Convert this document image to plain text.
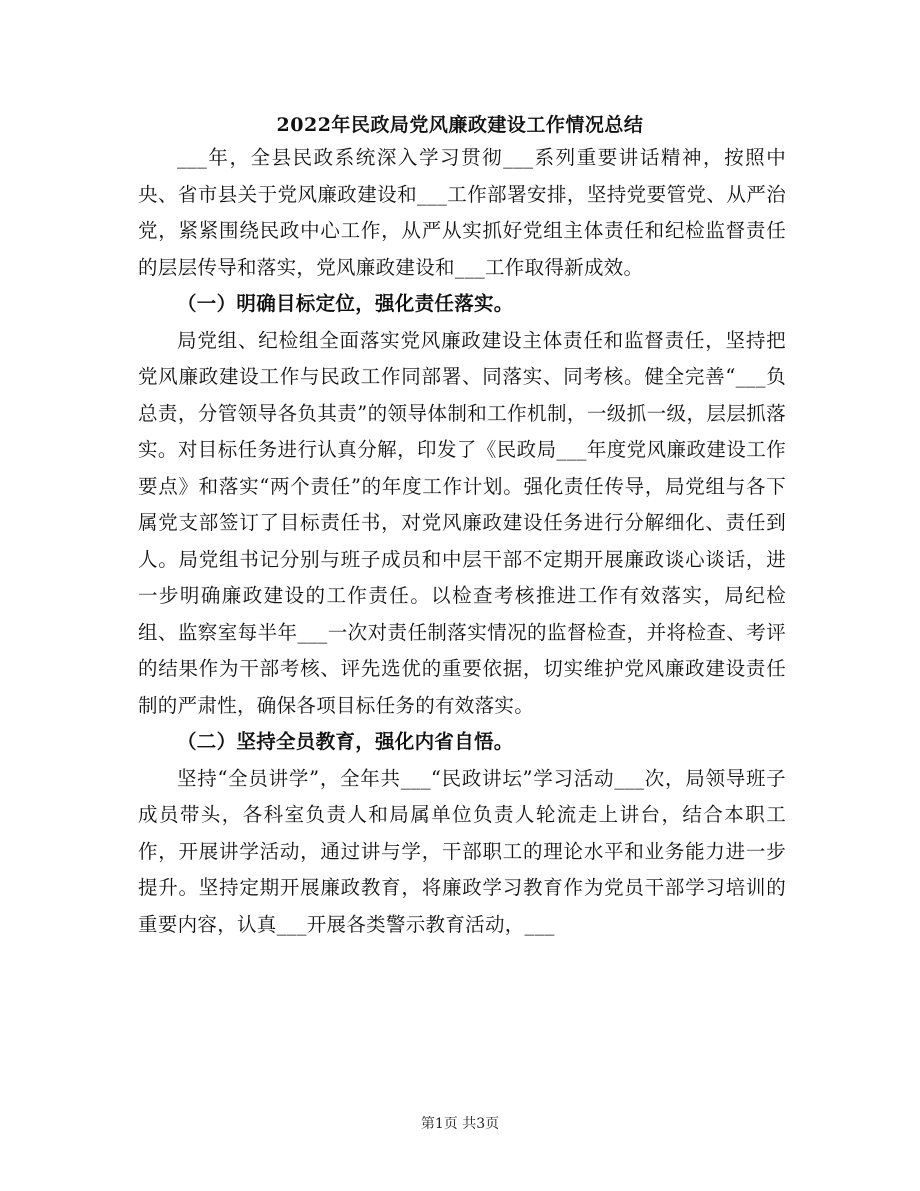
2022年民政局党风廉政建设工作情况总结

___年，全县民政系统深入学习贯彻___系列重要讲话精神，按照中央、省市县关于党风廉政建设和___工作部署安排，坚持党要管党、从严治党，紧紧围绕民政中心工作，从严从实抓好党组主体责任和纪检监督责任的层层传导和落实，党风廉政建设和___工作取得新成效。

（一）明确目标定位，强化责任落实。

局党组、纪检组全面落实党风廉政建设主体责任和监督责任，坚持把党风廉政建设工作与民政工作同部署、同落实、同考核。健全完善“___负总责，分管领导各负其责”的领导体制和工作机制，一级抓一级，层层抓落实。对目标任务进行认真分解，印发了《民政局___年度党风廉政建设工作要点》和落实“两个责任”的年度工作计划。强化责任传导，局党组与各下属党支部签订了目标责任书，对党风廉政建设任务进行分解细化、责任到人。局党组书记分别与班子成员和中层干部不定期开展廉政谈心谈话，进一步明确廉政建设的工作责任。以检查考核推进工作有效落实，局纪检组、监察室每半年___一次对责任制落实情况的监督检查，并将检查、考评的结果作为干部考核、评先选优的重要依据，切实维护党风廉政建设责任制的严肃性，确保各项目标任务的有效落实。

（二）坚持全员教育，强化内省自悟。

坚持“全员讲学”，全年共___“民政讲坛”学习活动___次，局领导班子成员带头，各科室负责人和局属单位负责人轮流走上讲台，结合本职工作，开展讲学活动，通过讲与学，干部职工的理论水平和业务能力进一步提升。坚持定期开展廉政教育，将廉政学习教育作为党员干部学习培训的重要内容，认真___开展各类警示教育活动，___

第1页 共3页
